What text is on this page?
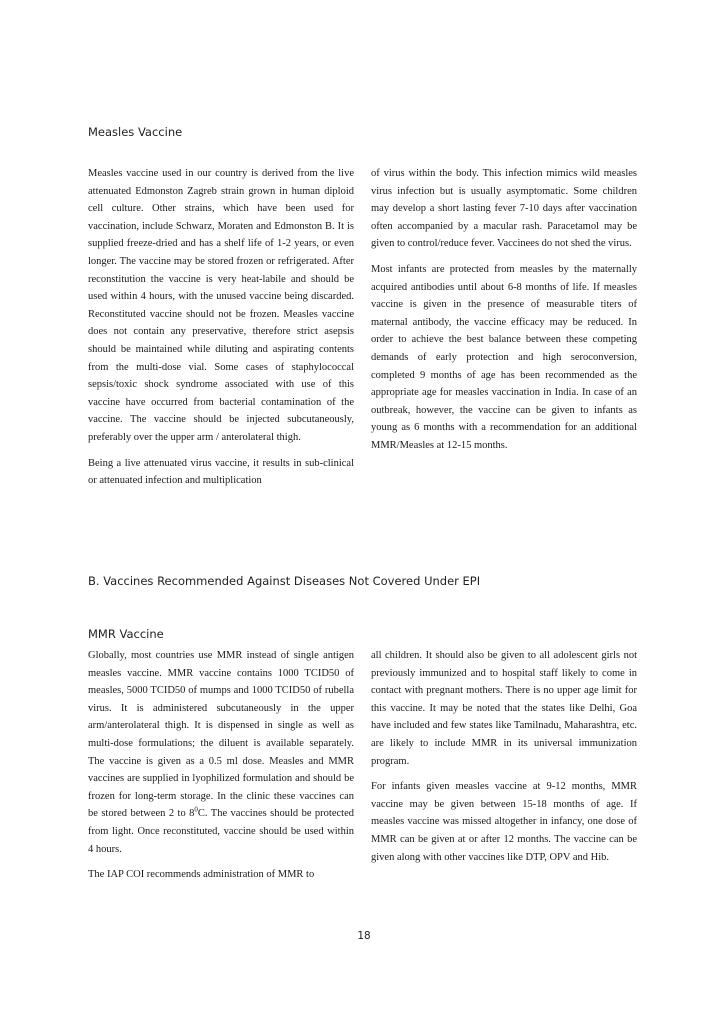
Measles Vaccine

Measles vaccine used in our country is derived from the live attenuated Edmonston Zagreb strain grown in human diploid cell culture. Other strains, which have been used for vaccination, include Schwarz, Moraten and Edmonston B. It is supplied freeze-dried and has a shelf life of 1-2 years, or even longer. The vaccine may be stored frozen or refrigerated. After reconstitution the vaccine is very heat-labile and should be used within 4 hours, with the unused vaccine being discarded. Reconstituted vaccine should not be frozen. Measles vaccine does not contain any preservative, therefore strict asepsis should be maintained while diluting and aspirating contents from the multi-dose vial. Some cases of staphylococcal sepsis/toxic shock syndrome associated with use of this vaccine have occurred from bacterial contamination of the vaccine. The vaccine should be injected subcutaneously, preferably over the upper arm / anterolateral thigh.

Being a live attenuated virus vaccine, it results in sub-clinical or attenuated infection and multiplication

of virus within the body. This infection mimics wild measles virus infection but is usually asymptomatic. Some children may develop a short lasting fever 7-10 days after vaccination often accompanied by a macular rash. Paracetamol may be given to control/reduce fever. Vaccinees do not shed the virus.

Most infants are protected from measles by the maternally acquired antibodies until about 6-8 months of life. If measles vaccine is given in the presence of measurable titers of maternal antibody, the vaccine efficacy may be reduced. In order to achieve the best balance between these competing demands of early protection and high seroconversion, completed 9 months of age has been recommended as the appropriate age for measles vaccination in India. In case of an outbreak, however, the vaccine can be given to infants as young as 6 months with a recommendation for an additional MMR/Measles at 12-15 months.

B. Vaccines Recommended Against Diseases Not Covered Under EPI
MMR Vaccine

Globally, most countries use MMR instead of single antigen measles vaccine. MMR vaccine contains 1000 TCID50 of measles, 5000 TCID50 of mumps and 1000 TCID50 of rubella virus. It is administered subcutaneously in the upper arm/anterolateral thigh. It is dispensed in single as well as multi-dose formulations; the diluent is available separately. The vaccine is given as a 0.5 ml dose. Measles and MMR vaccines are supplied in lyophilized formulation and should be frozen for long-term storage. In the clinic these vaccines can be stored between 2 to $8^0C$. The vaccines should be protected from light. Once reconstituted, vaccine should be used within 4 hours.

The IAP COI recommends administration of MMR to

all children. It should also be given to all adolescent girls not previously immunized and to hospital staff likely to come in contact with pregnant mothers. There is no upper age limit for this vaccine. It may be noted that the states like Delhi, Goa have included and few states like Tamilnadu, Maharashtra, etc. are likely to include MMR in its universal immunization program.

For infants given measles vaccine at 9-12 months, MMR vaccine may be given between 15-18 months of age. If measles vaccine was missed altogether in infancy, one dose of MMR can be given at or after 12 months. The vaccine can be given along with other vaccines like DTP, OPV and Hib.

18
